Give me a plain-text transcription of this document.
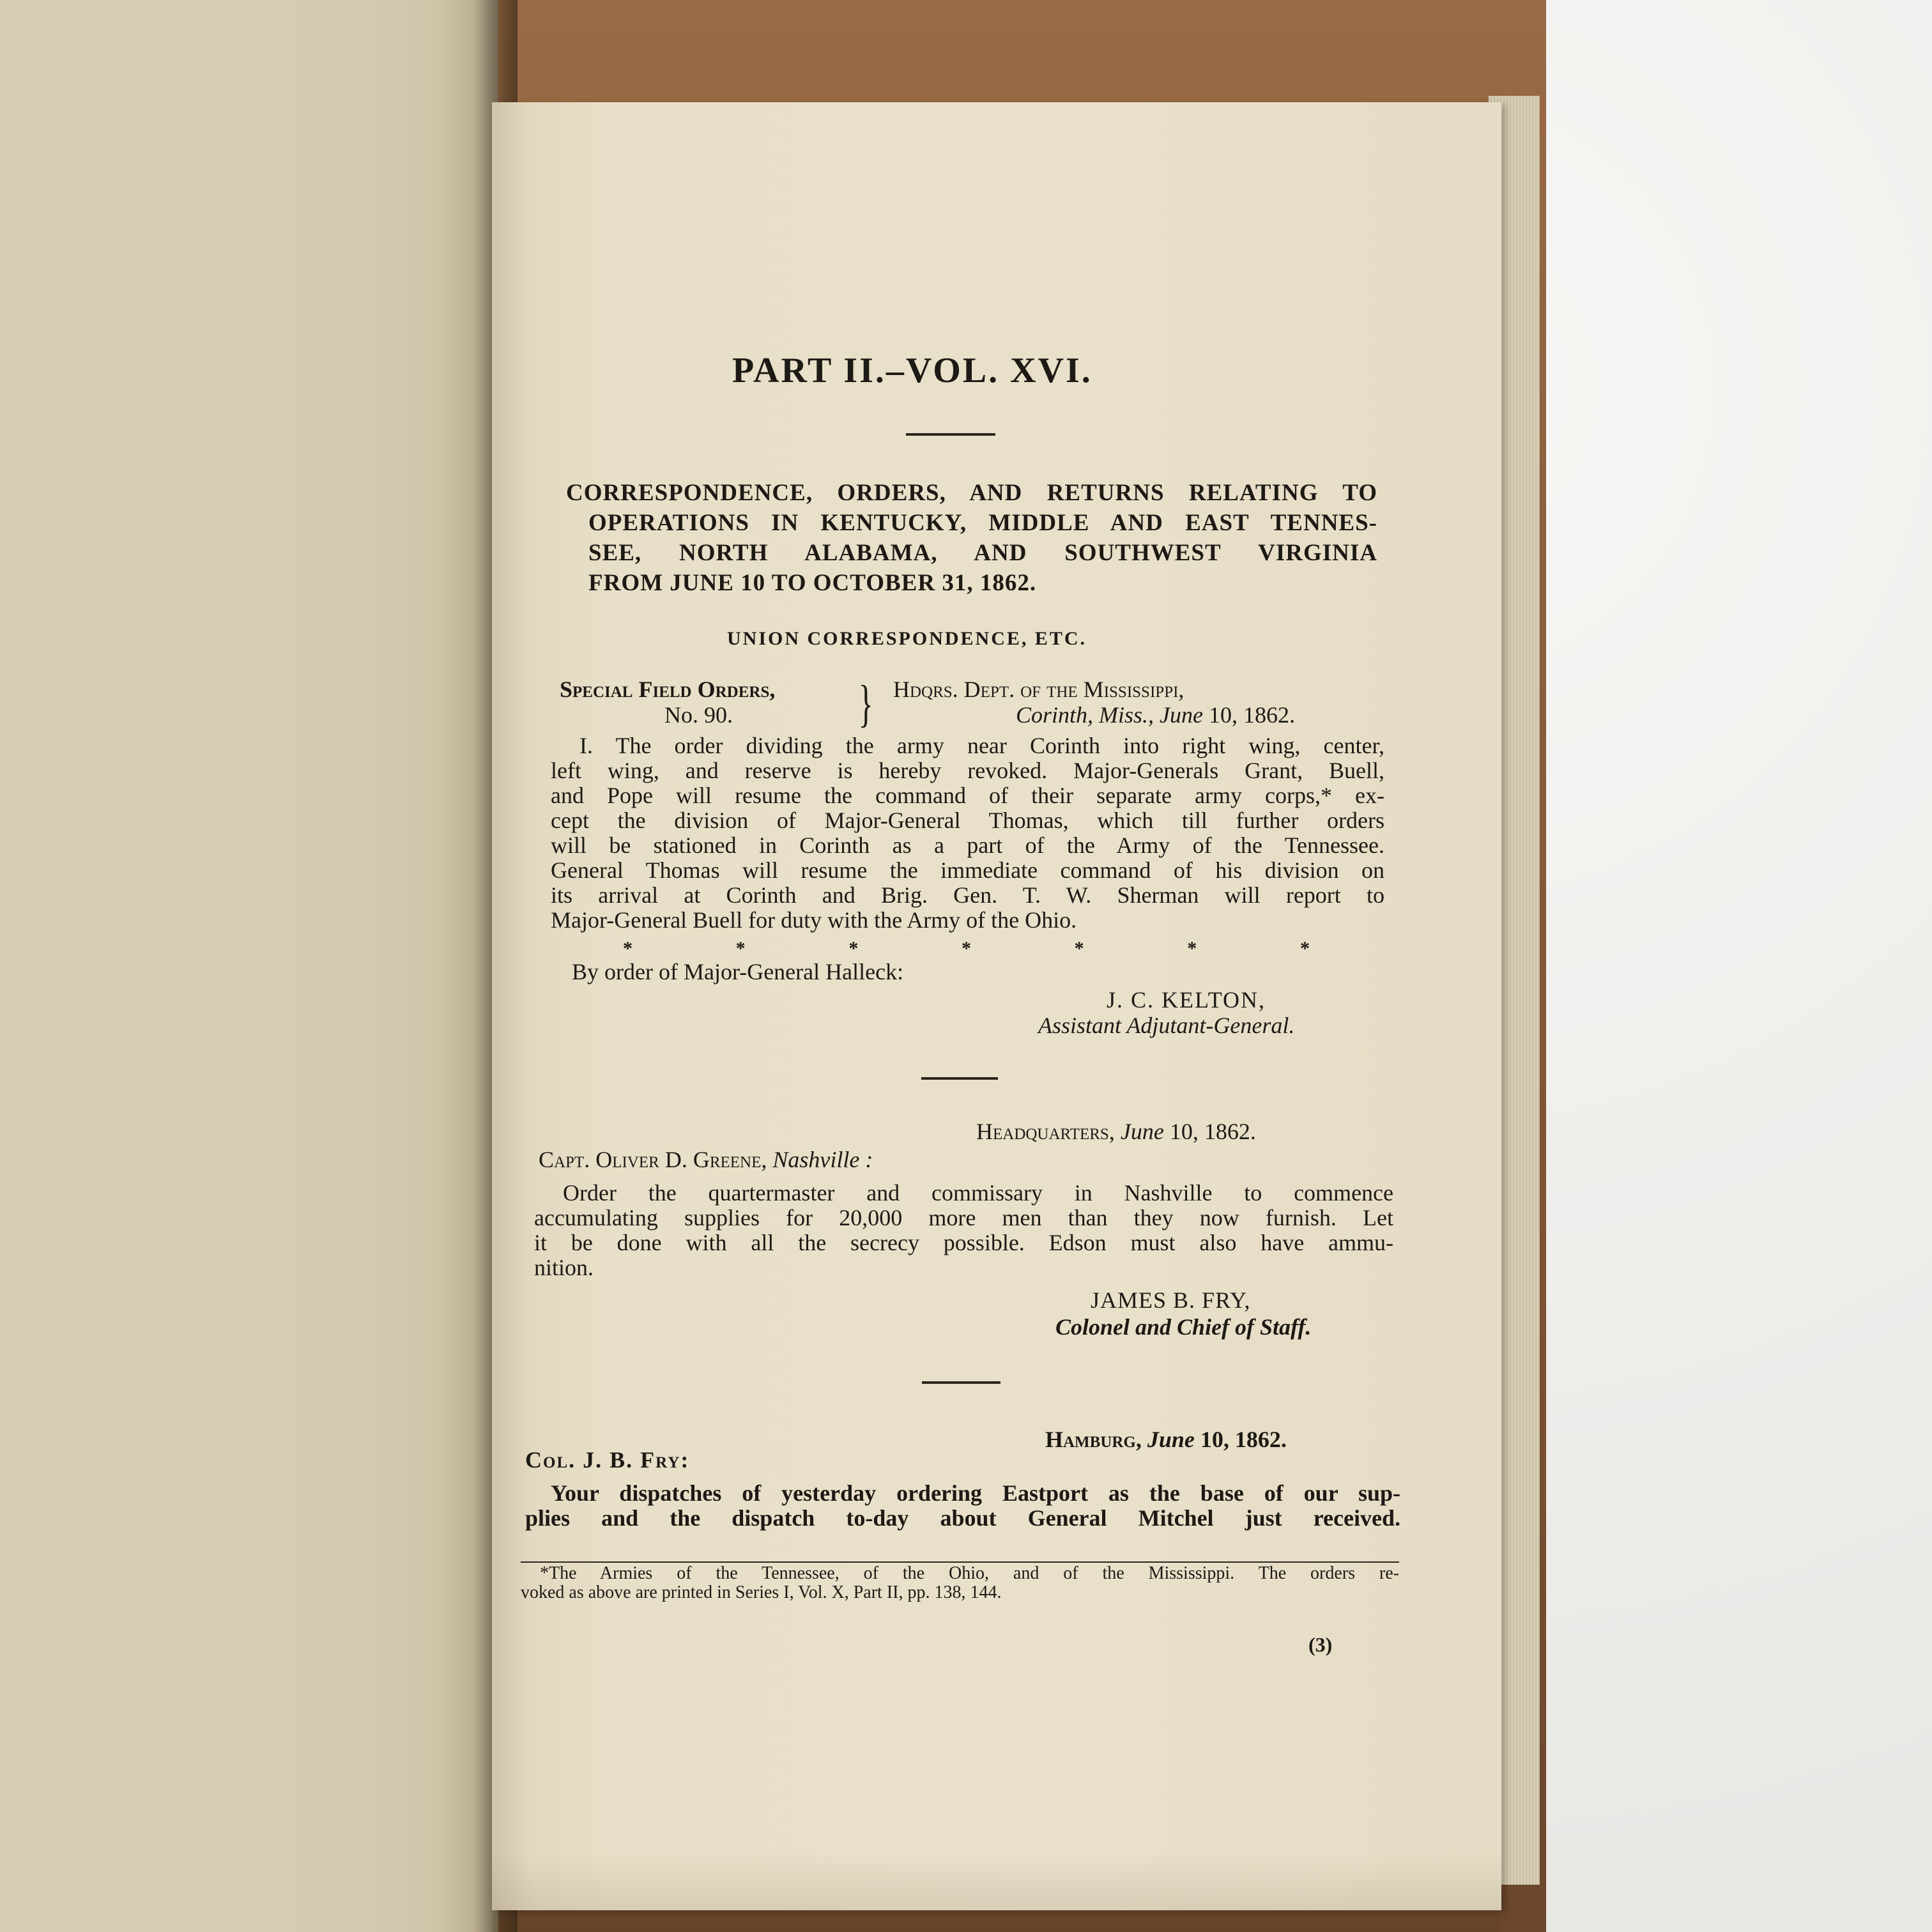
PART II.–VOL. XVI.
CORRESPONDENCE, ORDERS, AND RETURNS RELATING TO
OPERATIONS IN KENTUCKY, MIDDLE AND EAST TENNES-
SEE, NORTH ALABAMA, AND SOUTHWEST VIRGINIA
FROM JUNE 10 TO OCTOBER 31, 1862.
UNION CORRESPONDENCE, ETC.
Special Field Orders,
No. 90. } Hdqrs. Dept. of the Mississippi,
Corinth, Miss., June 10, 1862.
I. The order dividing the army near Corinth into right wing, center,
left wing, and reserve is hereby revoked. Major-Generals Grant, Buell,
and Pope will resume the command of their separate army corps,* ex-
cept the division of Major-General Thomas, which till further orders
will be stationed in Corinth as a part of the Army of the Tennessee.
General Thomas will resume the immediate command of his division on
its arrival at Corinth and Brig. Gen. T. W. Sherman will report to
Major-General Buell for duty with the Army of the Ohio.
*	*	*	*	*	*	*
By order of Major-General Halleck:
J. C. KELTON,
Assistant Adjutant-General.
Headquarters, June 10, 1862.
Capt. Oliver D. Greene, Nashville :
Order the quartermaster and commissary in Nashville to commence
accumulating supplies for 20,000 more men than they now furnish. Let
it be done with all the secrecy possible. Edson must also have ammu-
nition.
JAMES B. FRY,
Colonel and Chief of Staff.
Hamburg, June 10, 1862.
Col. J. B. Fry:
Your dispatches of yesterday ordering Eastport as the base of our sup-
plies and the dispatch to-day about General Mitchel just received.
*The Armies of the Tennessee, of the Ohio, and of the Mississippi. The orders re-
voked as above are printed in Series I, Vol. X, Part II, pp. 138, 144.
(3)
